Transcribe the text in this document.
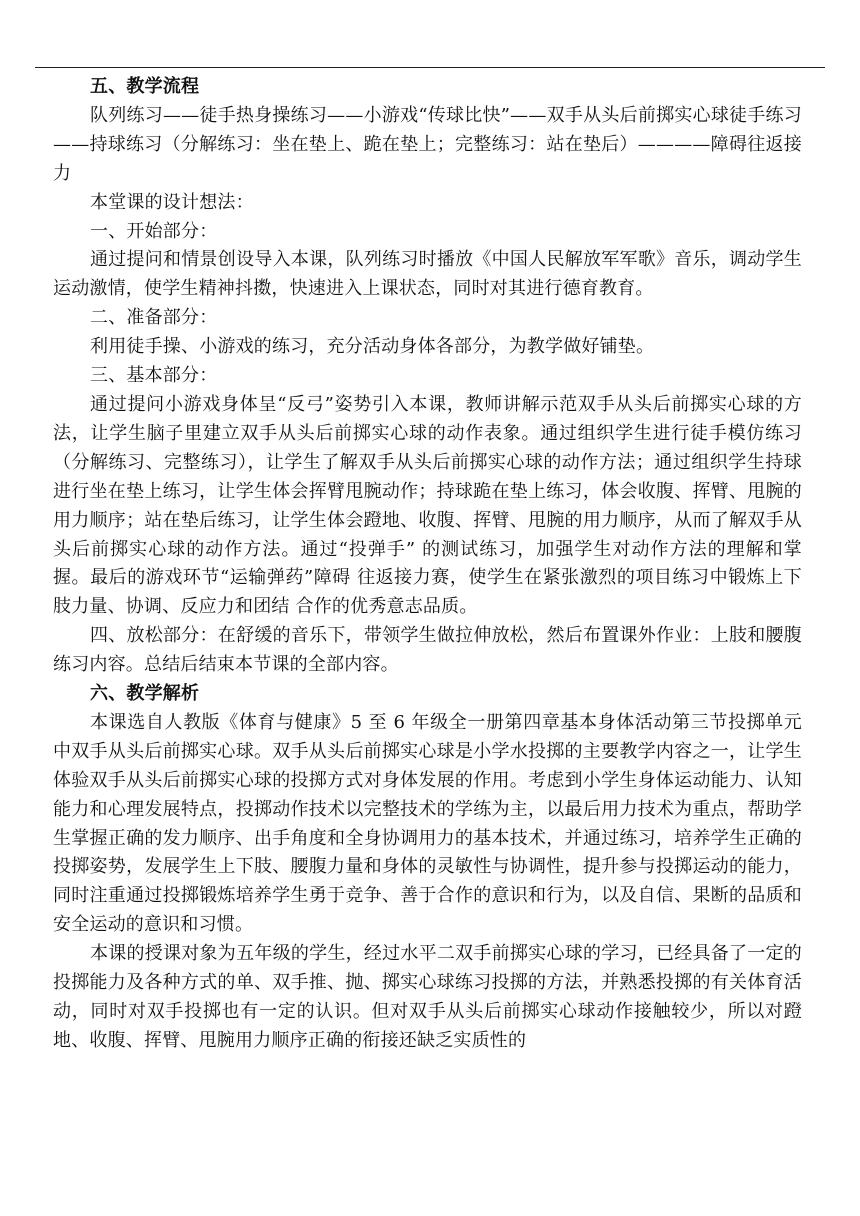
五、教学流程

队列练习——徒手热身操练习——小游戏“传球比快”——双手从头后前掷实心球徒手练习——持球练习（分解练习：坐在垫上、跪在垫上；完整练习：站在垫后）————障碍往返接力

本堂课的设计想法：

一、开始部分：

通过提问和情景创设导入本课，队列练习时播放《中国人民解放军军歌》音乐，调动学生运动激情，使学生精神抖擞，快速进入上课状态，同时对其进行德育教育。

二、准备部分：

利用徒手操、小游戏的练习，充分活动身体各部分，为教学做好铺垫。

三、基本部分：

通过提问小游戏身体呈“反弓”姿势引入本课，教师讲解示范双手从头后前掷实心球的方法，让学生脑子里建立双手从头后前掷实心球的动作表象。通过组织学生进行徒手模仿练习（分解练习、完整练习），让学生了解双手从头后前掷实心球的动作方法；通过组织学生持球进行坐在垫上练习，让学生体会挥臂甩腕动作；持球跪在垫上练习，体会收腹、挥臂、甩腕的用力顺序；站在垫后练习，让学生体会蹬地、收腹、挥臂、甩腕的用力顺序，从而了解双手从头后前掷实心球的动作方法。通过“投弹手” 的测试练习，加强学生对动作方法的理解和掌握。最后的游戏环节“运输弹药”障碍 往返接力赛，使学生在紧张激烈的项目练习中锻炼上下肢力量、协调、反应力和团结 合作的优秀意志品质。

四、放松部分：在舒缓的音乐下，带领学生做拉伸放松，然后布置课外作业：上肢和腰腹练习内容。总结后结束本节课的全部内容。

六、教学解析

本课选自人教版《体育与健康》5 至 6 年级全一册第四章基本身体活动第三节投掷单元中双手从头后前掷实心球。双手从头后前掷实心球是小学水投掷的主要教学内容之一，让学生体验双手从头后前掷实心球的投掷方式对身体发展的作用。考虑到小学生身体运动能力、认知能力和心理发展特点，投掷动作技术以完整技术的学练为主，以最后用力技术为重点，帮助学生掌握正确的发力顺序、出手角度和全身协调用力的基本技术，并通过练习，培养学生正确的投掷姿势，发展学生上下肢、腰腹力量和身体的灵敏性与协调性，提升参与投掷运动的能力，同时注重通过投掷锻炼培养学生勇于竞争、善于合作的意识和行为，以及自信、果断的品质和安全运动的意识和习惯。

本课的授课对象为五年级的学生，经过水平二双手前掷实心球的学习，已经具备了一定的投掷能力及各种方式的单、双手推、抛、掷实心球练习投掷的方法，并熟悉投掷的有关体育活动，同时对双手投掷也有一定的认识。但对双手从头后前掷实心球动作接触较少，所以对蹬地、收腹、挥臂、甩腕用力顺序正确的衔接还缺乏实质性的
